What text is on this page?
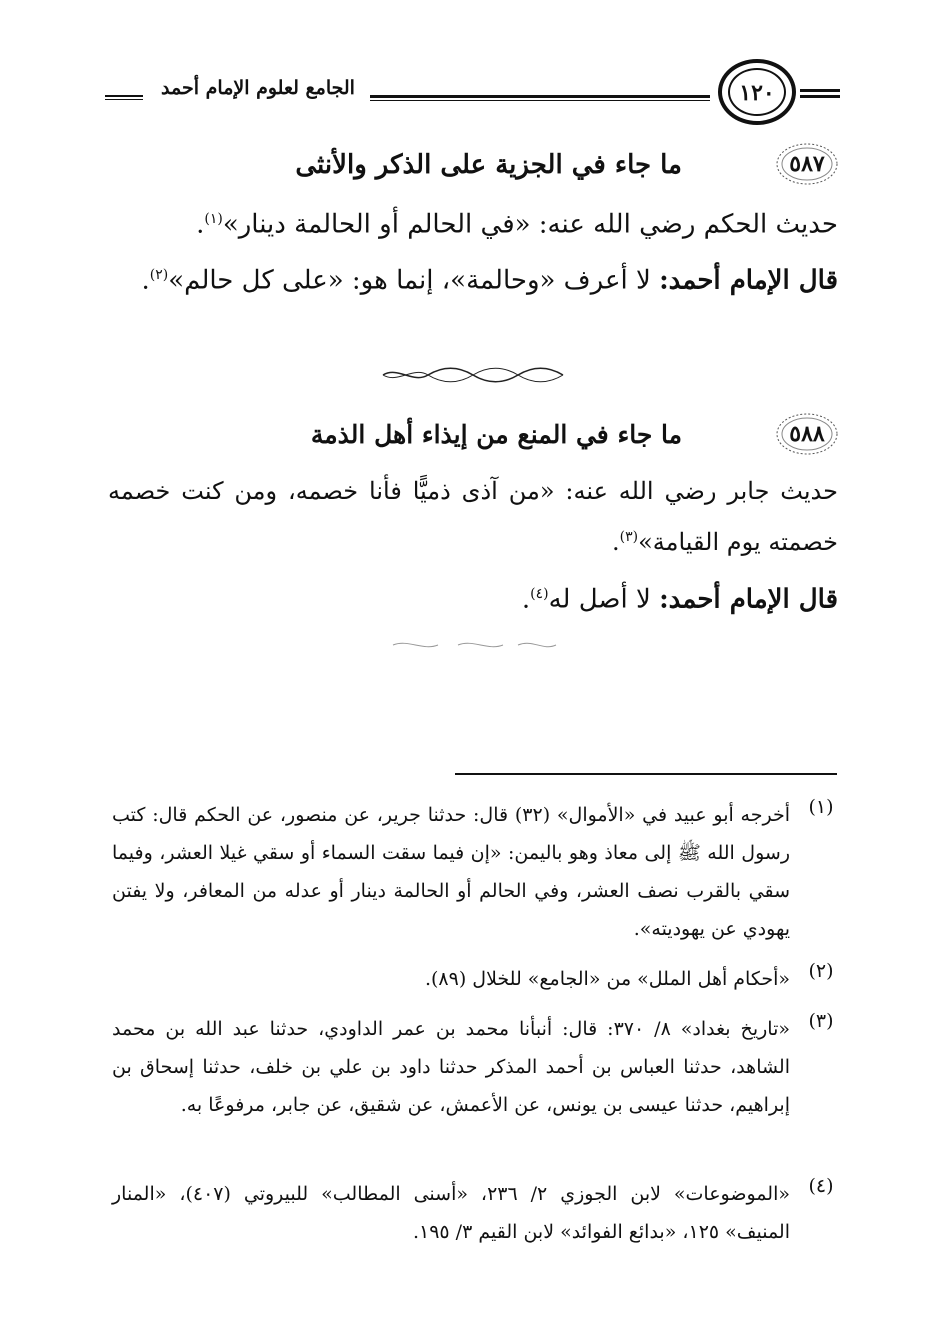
الجامع لعلوم الإمام أحمد	١٢٠
٥٨٧
ما جاء في الجزية على الذكر والأنثى
حديث الحكم رضي الله عنه: «في الحالم أو الحالمة دينار»$^{(١)}$.
قال الإمام أحمد: لا أعرف «وحالمة»، إنما هو: «على كل حالم»$^{(٢)}$.
٥٨٨
ما جاء في المنع من إيذاء أهل الذمة
حديث جابر رضي الله عنه: «من آذى ذميًّا فأنا خصمه، ومن كنت خصمه خصمته يوم القيامة»$^{(٣)}$.
قال الإمام أحمد: لا أصل له$^{(٤)}$.
(١)
أخرجه أبو عبيد في «الأموال» (٣٢) قال: حدثنا جرير، عن منصور، عن الحكم قال: كتب رسول الله ﷺ إلى معاذ وهو باليمن: «إن فيما سقت السماء أو سقي غيلا العشر، وفيما سقي بالقرب نصف العشر، وفي الحالم أو الحالمة دينار أو عدله من المعافر، ولا يفتن يهودي عن يهوديته».
(٢)
«أحكام أهل الملل» من «الجامع» للخلال (٨٩).
(٣)
«تاريخ بغداد» ٨/ ٣٧٠: قال: أنبأنا محمد بن عمر الداودي، حدثنا عبد الله بن محمد الشاهد، حدثنا العباس بن أحمد المذكر حدثنا داود بن علي بن خلف، حدثنا إسحاق بن إبراهيم، حدثنا عيسى بن يونس، عن الأعمش، عن شقيق، عن جابر، مرفوعًا به.
(٤)
«الموضوعات» لابن الجوزي ٢/ ٢٣٦، «أسنى المطالب» للبيروتي (٤٠٧)، «المنار المنيف» ١٢٥، «بدائع الفوائد» لابن القيم ٣/ ١٩٥.
